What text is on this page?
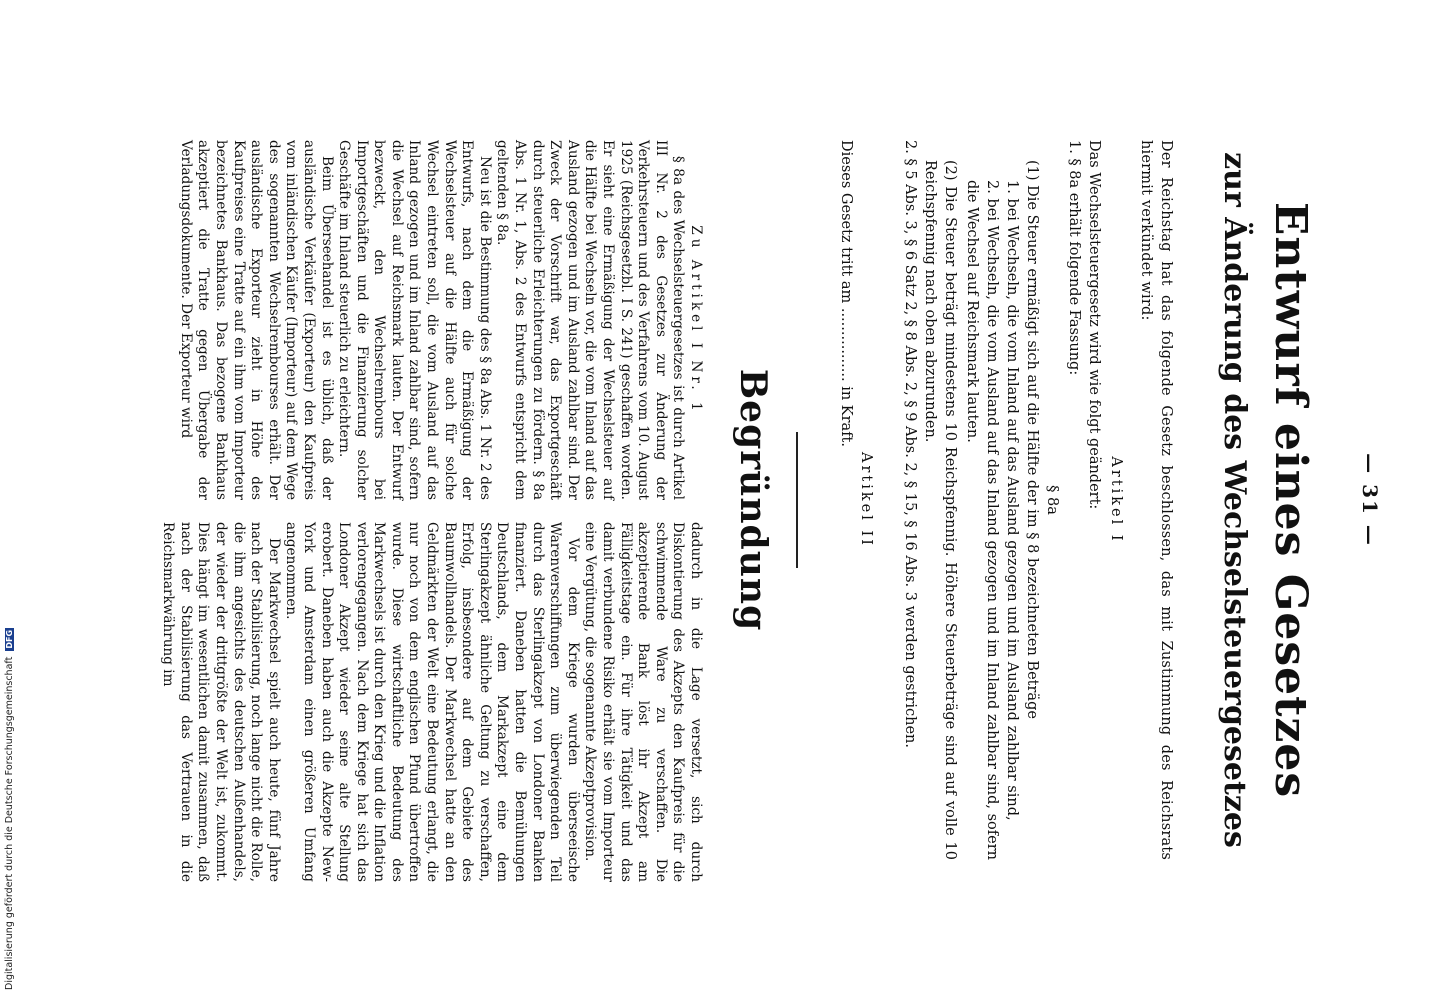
— 31 —
Entwurf eines Gesetzes
zur Änderung des Wechselsteuergesetzes
Der Reichstag hat das folgende Gesetz beschlossen, das mit Zustimmung des Reichsrats hiermit verkündet wird:
Artikel I
Das Wechselsteuergesetz wird wie folgt geändert:
1. § 8a erhält folgende Fassung:
§ 8a
(1) Die Steuer ermäßigt sich auf die Hälfte der im § 8 bezeichneten Beträge
1. bei Wechseln, die vom Inland auf das Ausland gezogen und im Ausland zahlbar sind,
2. bei Wechseln, die vom Ausland auf das Inland gezogen und im Inland zahlbar sind, sofern die Wechsel auf Reichsmark lauten.
(2) Die Steuer beträgt mindestens 10 Reichspfennig. Höhere Steuerbeträge sind auf volle 10 Reichspfennig nach oben abzurunden.
2. § 5 Abs. 3, § 6 Satz 2, § 8 Abs. 2, § 9 Abs. 2, § 15, § 16 Abs. 3 werden gestrichen.
Artikel II
Dieses Gesetz tritt am ................ in Kraft.
Begründung

Zu Artikel I Nr. 1

§ 8a des Wechselsteuergesetzes ist durch Artikel III Nr. 2 des Gesetzes zur Änderung der Verkehrsteuern und des Verfahrens vom 10. August 1925 (Reichsgesetzbl. I S. 241) geschaffen worden. Er sieht eine Ermäßigung der Wechselsteuer auf die Hälfte bei Wechseln vor, die vom Inland auf das Ausland gezogen und im Ausland zahlbar sind. Der Zweck der Vorschrift war, das Exportgeschäft durch steuerliche Erleichterungen zu fördern. § 8a Abs. 1 Nr. 1, Abs. 2 des Entwurfs entspricht dem geltenden § 8a.

Neu ist die Bestimmung des § 8a Abs. 1 Nr. 2 des Entwurfs, nach dem die Ermäßigung der Wechselsteuer auf die Hälfte auch für solche Wechsel eintreten soll, die vom Ausland auf das Inland gezogen und im Inland zahlbar sind, sofern die Wechsel auf Reichsmark lauten. Der Entwurf bezweckt, den Wechselrembours bei Importgeschäften und die Finanzierung solcher Geschäfte im Inland steuerlich zu erleichtern.

Beim Überseehandel ist es üblich, daß der ausländische Verkäufer (Exporteur) den Kaufpreis vom inländischen Käufer (Importeur) auf dem Wege des sogenannten Wechselrembourses erhält. Der ausländische Exporteur zieht in Höhe des Kaufpreises eine Tratte auf ein ihm vom Importeur bezeichnetes Bankhaus. Das bezogene Bankhaus akzeptiert die Tratte gegen Übergabe der Verladungsdokumente. Der Exporteur wird

dadurch in die Lage versetzt, sich durch Diskontierung des Akzepts den Kaufpreis für die schwimmende Ware zu verschaffen. Die akzeptierende Bank löst ihr Akzept am Fälligkeitstage ein. Für ihre Tätigkeit und das damit verbundene Risiko erhält sie vom Importeur eine Vergütung, die sogenannte Akzeptprovision.

Vor dem Kriege wurden überseeische Warenverschiffungen zum überwiegenden Teil durch das Sterlingakzept von Londoner Banken finanziert. Daneben hatten die Bemühungen Deutschlands, dem Markakzept eine dem Sterlingakzept ähnliche Geltung zu verschaffen, Erfolg, insbesondere auf dem Gebiete des Baumwollhandels. Der Markwechsel hatte an den Geldmärkten der Welt eine Bedeutung erlangt, die nur noch von dem englischen Pfund übertroffen wurde. Diese wirtschaftliche Bedeutung des Markwechsels ist durch den Krieg und die Inflation verlorengegangen. Nach dem Kriege hat sich das Londoner Akzept wieder seine alte Stellung erobert. Daneben haben auch die Akzepte New-York und Amsterdam einen größeren Umfang angenommen.

Der Markwechsel spielt auch heute, fünf Jahre nach der Stabilisierung, noch lange nicht die Rolle, die ihm angesichts des deutschen Außenhandels, der wieder der drittgrößte der Welt ist, zukommt. Dies hängt im wesentlichen damit zusammen, daß nach der Stabilisierung das Vertrauen in die Reichsmarkwährung im

Digitalisierung gefördert durch die Deutsche Forschungsgemeinschaft DFG
